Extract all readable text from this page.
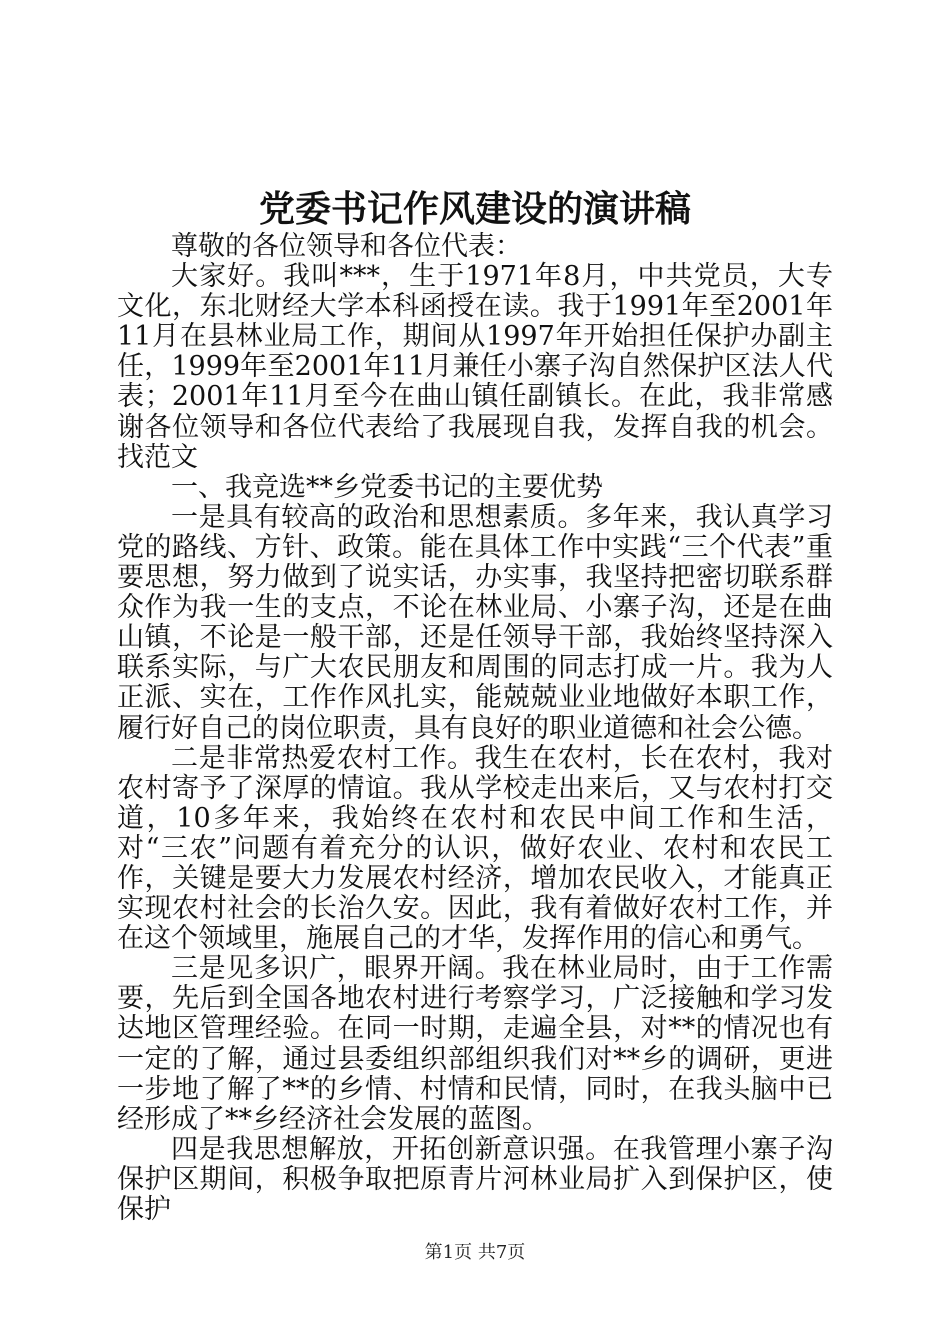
党委书记作风建设的演讲稿

尊敬的各位领导和各位代表：

大家好。我叫***，生于1971年8月，中共党员，大专文化，东北财经大学本科函授在读。我于1991年至2001年11月在县林业局工作，期间从1997年开始担任保护办副主任，1999年至2001年11月兼任小寨子沟自然保护区法人代表；2001年11月至今在曲山镇任副镇长。在此，我非常感谢各位领导和各位代表给了我展现自我，发挥自我的机会。找范文

一、我竞选**乡党委书记的主要优势

一是具有较高的政治和思想素质。多年来，我认真学习党的路线、方针、政策。能在具体工作中实践“三个代表”重要思想，努力做到了说实话，办实事，我坚持把密切联系群众作为我一生的支点，不论在林业局、小寨子沟，还是在曲山镇，不论是一般干部，还是任领导干部，我始终坚持深入联系实际，与广大农民朋友和周围的同志打成一片。我为人正派、实在，工作作风扎实，能兢兢业业地做好本职工作，履行好自己的岗位职责，具有良好的职业道德和社会公德。

二是非常热爱农村工作。我生在农村，长在农村，我对农村寄予了深厚的情谊。我从学校走出来后，又与农村打交道，10多年来，我始终在农村和农民中间工作和生活，对“三农”问题有着充分的认识，做好农业、农村和农民工作，关键是要大力发展农村经济，增加农民收入，才能真正实现农村社会的长治久安。因此，我有着做好农村工作，并在这个领域里，施展自己的才华，发挥作用的信心和勇气。

三是见多识广，眼界开阔。我在林业局时，由于工作需要，先后到全国各地农村进行考察学习，广泛接触和学习发达地区管理经验。在同一时期，走遍全县，对**的情况也有一定的了解，通过县委组织部组织我们对**乡的调研，更进一步地了解了**的乡情、村情和民情，同时，在我头脑中已经形成了**乡经济社会发展的蓝图。

四是我思想解放，开拓创新意识强。在我管理小寨子沟保护区期间，积极争取把原青片河林业局扩入到保护区，使保护

第1页 共7页
